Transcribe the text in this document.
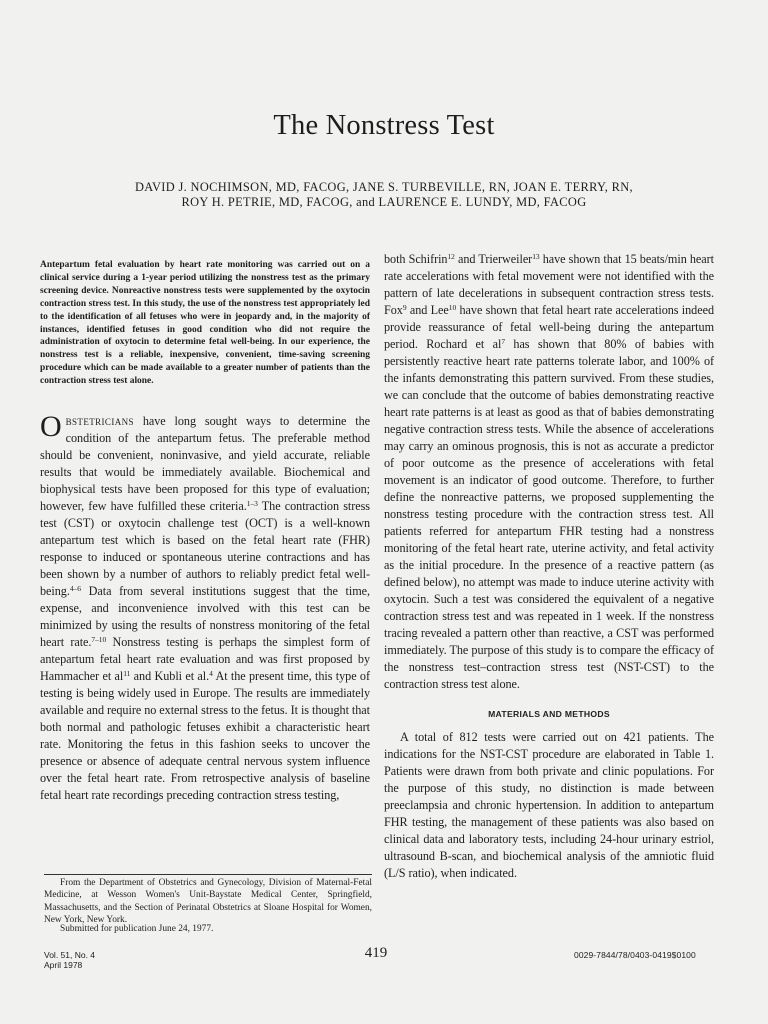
The Nonstress Test
DAVID J. NOCHIMSON, MD, FACOG, JANE S. TURBEVILLE, RN, JOAN E. TERRY, RN,
ROY H. PETRIE, MD, FACOG, and LAURENCE E. LUNDY, MD, FACOG

Antepartum fetal evaluation by heart rate monitoring was carried out on a clinical service during a 1-year period utilizing the nonstress test as the primary screening device. Nonreactive nonstress tests were supplemented by the oxytocin contraction stress test. In this study, the use of the nonstress test appropriately led to the identification of all fetuses who were in jeopardy and, in the majority of instances, identified fetuses in good condition who did not require the administration of oxytocin to determine fetal well-being. In our experience, the nonstress test is a reliable, inexpensive, convenient, time-saving screening procedure which can be made available to a greater number of patients than the contraction stress test alone.

Obstetricians have long sought ways to determine the condition of the antepartum fetus. The preferable method should be convenient, noninvasive, and yield accurate, reliable results that would be immediately available. Biochemical and biophysical tests have been proposed for this type of evaluation; however, few have fulfilled these criteria.$^{1-3}$ The contraction stress test (CST) or oxytocin challenge test (OCT) is a well-known antepartum test which is based on the fetal heart rate (FHR) response to induced or spontaneous uterine contractions and has been shown by a number of authors to reliably predict fetal well-being.$^{4-6}$ Data from several institutions suggest that the time, expense, and inconvenience involved with this test can be minimized by using the results of nonstress monitoring of the fetal heart rate.$^{7-10}$ Nonstress testing is perhaps the simplest form of antepartum fetal heart rate evaluation and was first proposed by Hammacher et $al^{11}$ and Kubli et al.$^4$ At the present time, this type of testing is being widely used in Europe. The results are immediately available and require no external stress to the fetus. It is thought that both normal and pathologic fetuses exhibit a characteristic heart rate. Monitoring the fetus in this fashion seeks to uncover the presence or absence of adequate central nervous system influence over the fetal heart rate. From retrospective analysis of baseline fetal heart rate recordings preceding contraction stress testing,

both Schifrin$^{12}$ and Trierweiler$^{13}$ have shown that 15 beats/min heart rate accelerations with fetal movement were not identified with the pattern of late decelerations in subsequent contraction stress tests. Fox$^9$ and Lee$^{10}$ have shown that fetal heart rate accelerations indeed provide reassurance of fetal well-being during the antepartum period. Rochard et $al^7$ has shown that 80% of babies with persistently reactive heart rate patterns tolerate labor, and 100% of the infants demonstrating this pattern survived. From these studies, we can conclude that the outcome of babies demonstrating reactive heart rate patterns is at least as good as that of babies demonstrating negative contraction stress tests. While the absence of accelerations may carry an ominous prognosis, this is not as accurate a predictor of poor outcome as the presence of accelerations with fetal movement is an indicator of good outcome. Therefore, to further define the nonreactive patterns, we proposed supplementing the nonstress testing procedure with the contraction stress test. All patients referred for antepartum FHR testing had a nonstress monitoring of the fetal heart rate, uterine activity, and fetal activity as the initial procedure. In the presence of a reactive pattern (as defined below), no attempt was made to induce uterine activity with oxytocin. Such a test was considered the equivalent of a negative contraction stress test and was repeated in 1 week. If the nonstress tracing revealed a pattern other than reactive, a CST was performed immediately. The purpose of this study is to compare the efficacy of the nonstress test–contraction stress test (NST-CST) to the contraction stress test alone.

MATERIALS AND METHODS

A total of 812 tests were carried out on 421 patients. The indications for the NST-CST procedure are elaborated in Table 1. Patients were drawn from both private and clinic populations. For the purpose of this study, no distinction is made between preeclampsia and chronic hypertension. In addition to antepartum FHR testing, the management of these patients was also based on clinical data and laboratory tests, including 24-hour urinary estriol, ultrasound B-scan, and biochemical analysis of the amniotic fluid (L/S ratio), when indicated.

From the Department of Obstetrics and Gynecology, Division of Maternal-Fetal Medicine, at Wesson Women's Unit-Baystate Medical Center, Springfield, Massachusetts, and the Section of Perinatal Obstetrics at Sloane Hospital for Women, New York, New York.

Submitted for publication June 24, 1977.

Vol. 51, No. 4
April 1978
419	0029-7844/78/0403-0419$0100
